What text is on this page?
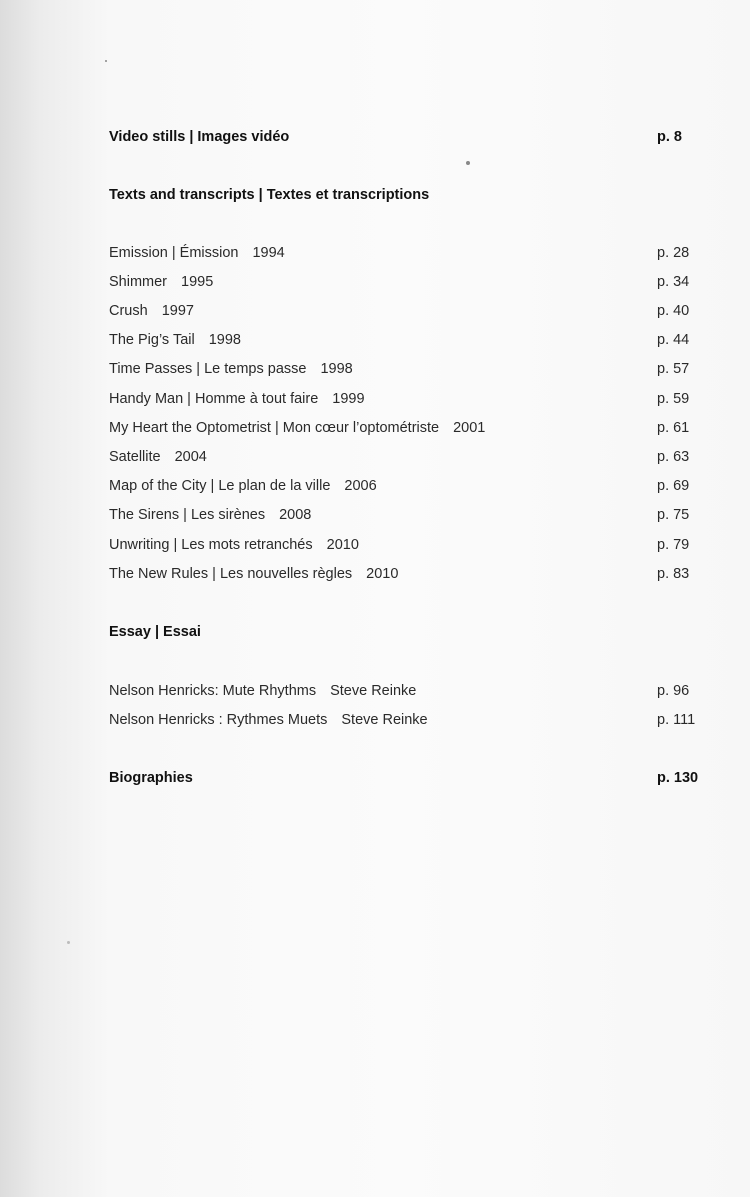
Video stills | Images vidéo	p. 8
Texts and transcripts | Textes et transcriptions
Emission | Émission 1994	p. 28
Shimmer 1995	p. 34
Crush 1997	p. 40
The Pig’s Tail 1998	p. 44
Time Passes | Le temps passe 1998	p. 57
Handy Man | Homme à tout faire 1999	p. 59
My Heart the Optometrist | Mon cœur l’optométriste 2001	p. 61
Satellite 2004	p. 63
Map of the City | Le plan de la ville 2006	p. 69
The Sirens | Les sirènes 2008	p. 75
Unwriting | Les mots retranchés 2010	p. 79
The New Rules | Les nouvelles règles 2010	p. 83
Essay | Essai
Nelson Henricks: Mute Rhythms Steve Reinke	p. 96
Nelson Henricks : Rythmes Muets Steve Reinke	p. 111
Biographies	p. 130
